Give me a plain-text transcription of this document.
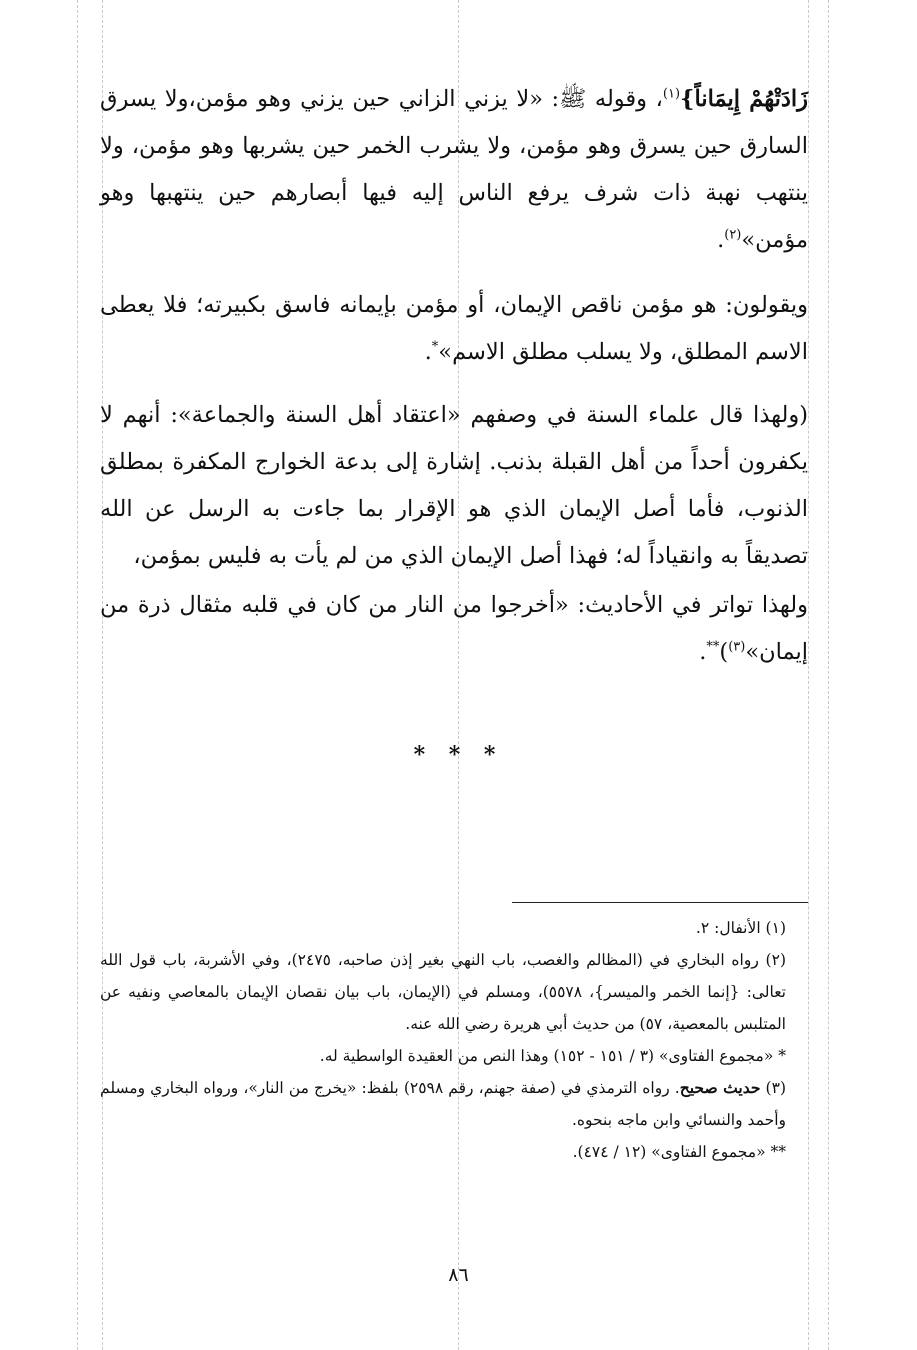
زَادَتْهُمْ إِيمَاناً}$^{(١)}$، وقوله ﷺ: «لا يزني الزاني حين يزني وهو مؤمن،ولا يسرق السارق حين يسرق وهو مؤمن، ولا يشرب الخمر حين يشربها وهو مؤمن، ولا ينتهب نهبة ذات شرف يرفع الناس إليه فيها أبصارهم حين ينتهبها وهو مؤمن»$^{(٢)}$.

ويقولون: هو مؤمن ناقص الإيمان، أو مؤمن بإيمانه فاسق بكبيرته؛ فلا يعطى الاسم المطلق، ولا يسلب مطلق الاسم»*.

(ولهذا قال علماء السنة في وصفهم «اعتقاد أهل السنة والجماعة»: أنهم لا يكفرون أحداً من أهل القبلة بذنب. إشارة إلى بدعة الخوارج المكفرة بمطلق الذنوب، فأما أصل الإيمان الذي هو الإقرار بما جاءت به الرسل عن الله تصديقاً به وانقياداً له؛ فهذا أصل الإيمان الذي من لم يأت به فليس بمؤمن،

ولهذا تواتر في الأحاديث: «أخرجوا من النار من كان في قلبه مثقال ذرة من إيمان»$^{(٣)}$)**.

* * *

(١) الأنفال: ٢.

(٢) رواه البخاري في (المظالم والغصب، باب النهي بغير إذن صاحبه، ٢٤٧٥)، وفي الأشربة، باب قول الله تعالى: {إنما الخمر والميسر}، ٥٥٧٨)، ومسلم في (الإيمان، باب بيان نقصان الإيمان بالمعاصي ونفيه عن المتلبس بالمعصية، ٥٧) من حديث أبي هريرة رضي الله عنه.

* «مجموع الفتاوى» (٣ / ١٥١ - ١٥٢) وهذا النص من العقيدة الواسطية له.

(٣) حديث صحيح. رواه الترمذي في (صفة جهنم، رقم ٢٥٩٨) بلفظ: «يخرج من النار»، ورواه البخاري ومسلم وأحمد والنسائي وابن ماجه بنحوه.

** «مجموع الفتاوى» (١٢ / ٤٧٤).

٨٦
